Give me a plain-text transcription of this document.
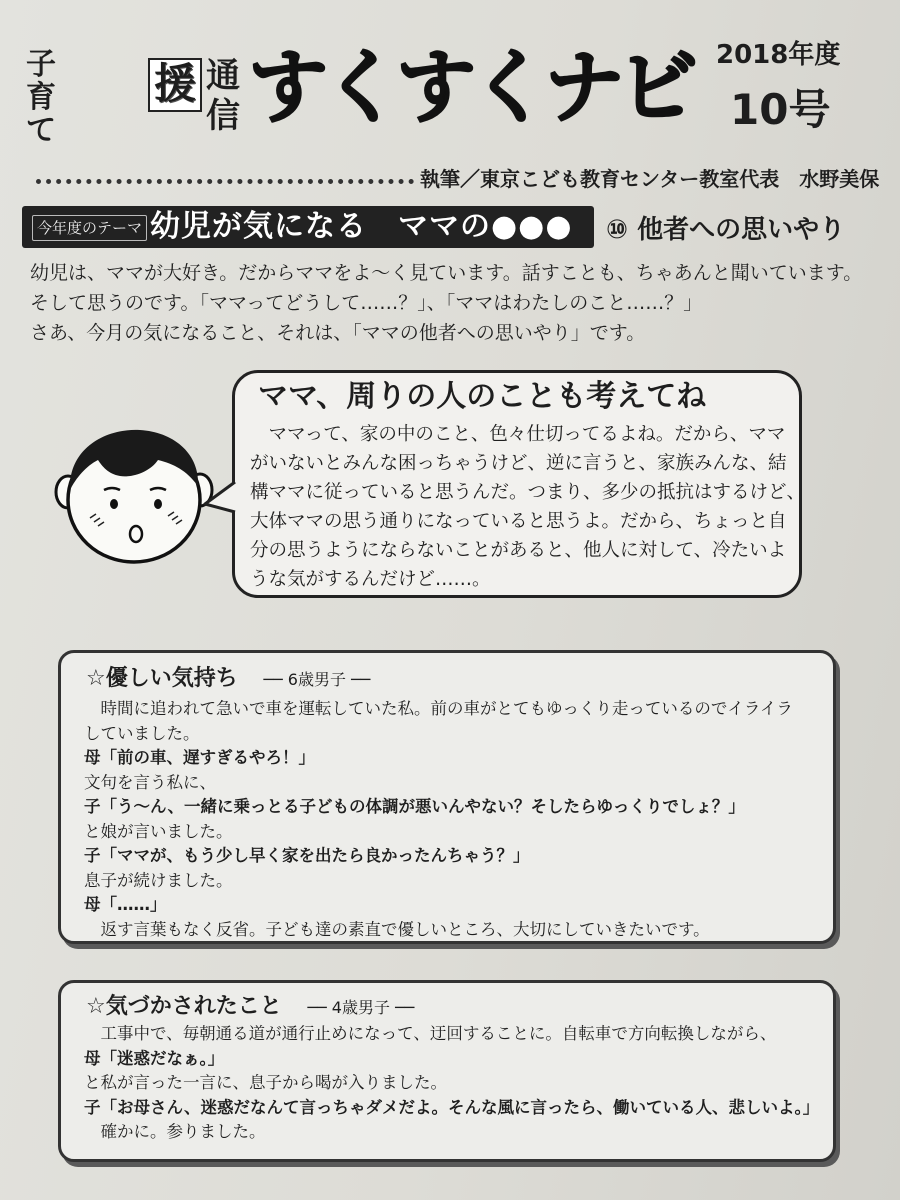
子育て
援 通信 すくすくナビ 2018年度
10号
執筆／東京こども教育センター教室代表　水野美保
今年度のテーマ 幼児が気になる　ママの●●● ⑩ 他者への思いやり

幼児は、ママが大好き。だからママをよ～く見ています。話すことも、ちゃあんと聞いています。

そして思うのです。「ママってどうして……？」、「ママはわたしのこと……？」

さあ、今月の気になること、それは、「ママの他者への思いやり」です。

ママ、周りの人のことも考えてね

　ママって、家の中のこと、色々仕切ってるよね。だから、ママ

がいないとみんな困っちゃうけど、逆に言うと、家族みんな、結

構ママに従っていると思うんだ。つまり、多少の抵抗はするけど、

大体ママの思う通りになっていると思うよ。だから、ちょっと自

分の思うようにならないことがあると、他人に対して、冷たいよ

うな気がするんだけど……。

☆優しい気持ち ── 6歳男子 ──

　時間に追われて急いで車を運転していた私。前の車がとてもゆっくり走っているのでイライラ

していました。

母「前の車、遅すぎるやろ！」

文句を言う私に、

子「う～ん、一緒に乗っとる子どもの体調が悪いんやない？そしたらゆっくりでしょ？」

と娘が言いました。

子「ママが、もう少し早く家を出たら良かったんちゃう？」

息子が続けました。

母「……」

　返す言葉もなく反省。子ども達の素直で優しいところ、大切にしていきたいです。

☆気づかされたこと ── 4歳男子 ──

　工事中で、毎朝通る道が通行止めになって、迂回することに。自転車で方向転換しながら、

母「迷惑だなぁ。」

と私が言った一言に、息子から喝が入りました。

子「お母さん、迷惑だなんて言っちゃダメだよ。そんな風に言ったら、働いている人、悲しいよ。」

　確かに。参りました。
